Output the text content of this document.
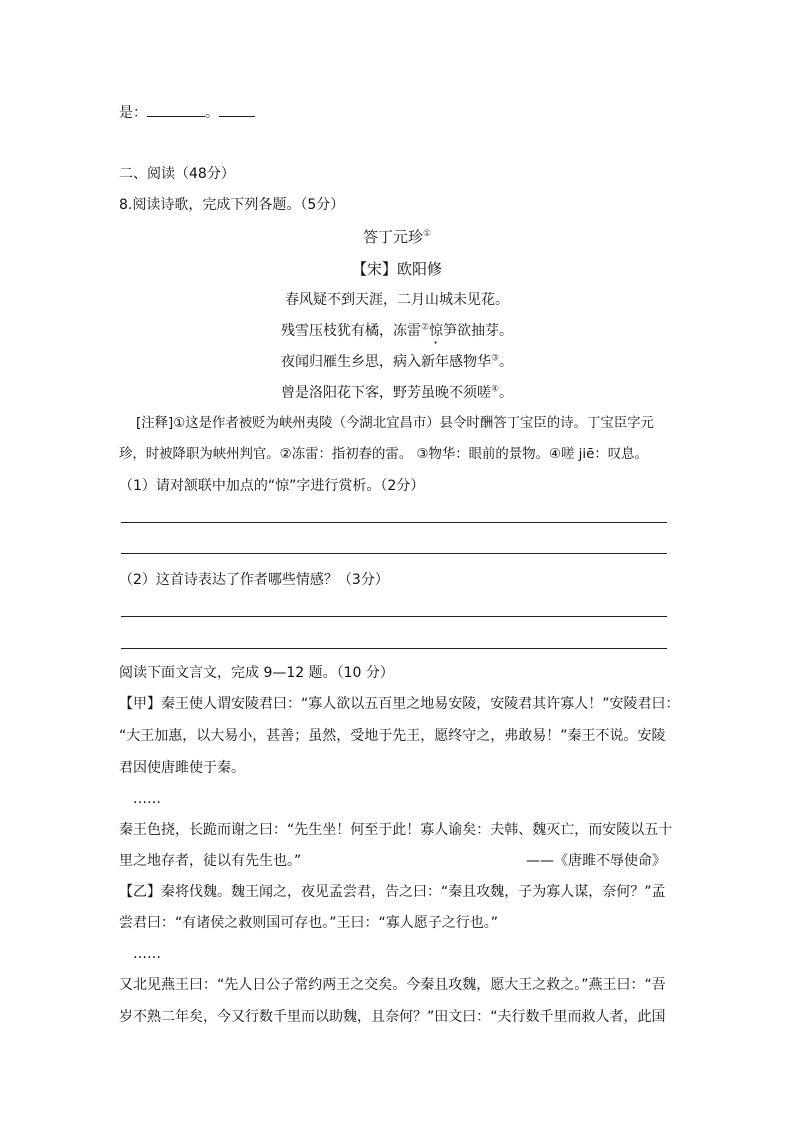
是：	。
二、阅读（48分）
8.阅读诗歌，完成下列各题。（5分）
答丁元珍①
【宋】欧阳修
春风疑不到天涯，二月山城未见花。
残雪压枝犹有橘，冻雷②惊笋欲抽芽。
夜闻归雁生乡思，病入新年感物华③。
曾是洛阳花下客，野芳虽晚不须嗟④。
[注释]①这是作者被贬为峡州夷陵（今湖北宜昌市）县令时酬答丁宝臣的诗。丁宝臣字元
珍，时被降职为峡州判官。②冻雷：指初春的雷。 ③物华：眼前的景物。④嗟 jiē：叹息。
（1）请对颔联中加点的“惊”字进行赏析。（2分）
（2）这首诗表达了作者哪些情感？（3分）
阅读下面文言文，完成 9—12 题。（10 分）
【甲】秦王使人谓安陵君曰：“寡人欲以五百里之地易安陵，安陵君其许寡人！”安陵君曰：
“大王加惠，以大易小，甚善；虽然，受地于先王，愿终守之，弗敢易！”秦王不说。安陵
君因使唐雎使于秦。
……
秦王色挠，长跪而谢之曰：“先生坐！何至于此！寡人谕矣：夫韩、魏灭亡，而安陵以五十
里之地存者，徒以有先生也。”	——《唐雎不辱使命》
【乙】秦将伐魏。魏王闻之，夜见孟尝君，告之曰：“秦且攻魏，子为寡人谋，奈何？”孟
尝君曰：“有诸侯之救则国可存也。”王曰：“寡人愿子之行也。”
……
又北见燕王曰：“先人日公子常约两王之交矣。今秦且攻魏，愿大王之救之。”燕王曰：“吾
岁不熟二年矣，今又行数千里而以助魏，且奈何？”田文曰：“夫行数千里而救人者，此国
